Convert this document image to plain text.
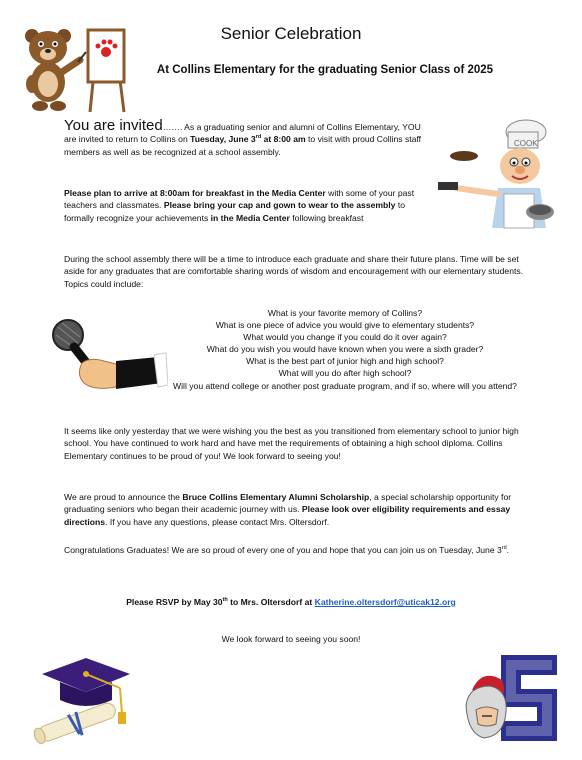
Senior Celebration
At Collins Elementary for the graduating Senior Class of 2025
You are invited……. As a graduating senior and alumni of Collins Elementary, YOU are invited to return to Collins on Tuesday, June 3rd at 8:00 am to visit with proud Collins staff members as well as be recognized at a school assembly.
COOK
Please plan to arrive at 8:00am for breakfast in the Media Center with some of your past teachers and classmates. Please bring your cap and gown to wear to the assembly to formally recognize your achievements in the Media Center following breakfast
During the school assembly there will be a time to introduce each graduate and share their future plans. Time will be set aside for any graduates that are comfortable sharing words of wisdom and encouragement with our elementary students. Topics could include:
What is your favorite memory of Collins?
What is one piece of advice you would give to elementary students?
What would you change if you could do it over again?
What do you wish you would have known when you were a sixth grader?
What is the best part of junior high and high school?
What will you do after high school?
Will you attend college or another post graduate program, and if so, where will you attend?
It seems like only yesterday that we were wishing you the best as you transitioned from elementary school to junior high school. You have continued to work hard and have met the requirements of obtaining a high school diploma. Collins Elementary continues to be proud of you! We look forward to seeing you!
We are proud to announce the Bruce Collins Elementary Alumni Scholarship, a special scholarship opportunity for graduating seniors who began their academic journey with us. Please look over eligibility requirements and essay directions. If you have any questions, please contact Mrs. Oltersdorf.
Congratulations Graduates! We are so proud of every one of you and hope that you can join us on Tuesday, June 3rd.
Please RSVP by May 30th to Mrs. Oltersdorf at Katherine.oltersdorf@uticak12.org
We look forward to seeing you soon!
